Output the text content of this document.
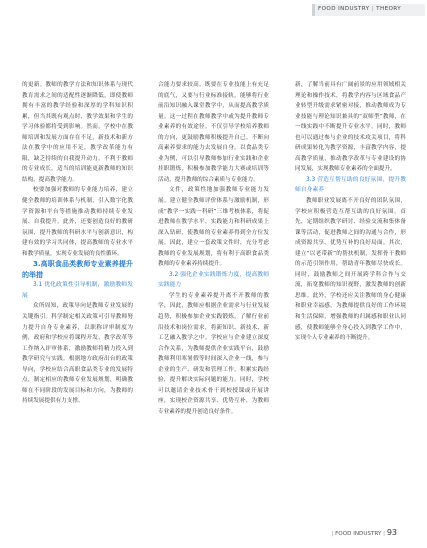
FOOD INDUSTRY | THEORY

的更新。教师的教学方法和知识体系与现代教育需求之间的适配性逐渐降低。即使教师拥有丰富的教学经验和深厚的学科知识积累，但当其既有观点时，教学效果和学生的学习体验都将受到影响。然而，学校中在教师培训和发展方面存在不足，新技术和新方法在教学中的应用不足，教学改革能力有限，缺乏持续的自我提升动力，不利于教师的专业成长。适当的培训能更新教师的知识结构，提高教学能力。

校要加强对教师的专业能力培养，建立健全教师的培训体系与机制，引入数字化教学资源和平台等措施推动教师持续专业发展、自我提升。此外，还要创造良好的教研氛围，提升教师的科研水平与创新意识，构建有效的学习共同体，提高教师的专业水平和教学质量，实现专业发展的良性循环。

3.高职食品类教师专业素养提升的举措

3.1 优化政策性引导机制，激励教师发展

众所周知，政策导向是教师专业发展的关键指引。科学制定相关政策可引导教师努力提升自身专业素养，以职称评审制度为例，政府和学校应将课程开发、教学改革等工作纳入评审体系，激励教师将精力投入到教学研究与实践。根据地方政府出台的政策导向，学校应结合高职食品类专业的发展特点，制定相应的教师专业发展规划，明确教师在不同阶段的发展目标和方向，为教师的持续发展提供有力支撑。

合能力要求较高。既要在专业技能上有充足的底气，又要与行业标准接轨，能够将行业前沿知识融入课堂教学中，从而提高教学质量。这一过程在教师教学中或为提升教师专业素养的有效途径。不仅引导学校培养教师的方向，更鼓励教师积极提升自己。不断向高素养要求的能力去发展自身，以食品类专业为例，可以引导教师参加行业实践和企业挂职锻炼，积极参加教学能力大赛或培训等活动，提升教师的综合素质与专业能力。

文件，政策性地加强教师专业能力发展。建立健全教师评价体系与激励机制，形成“教学一实践一科研”三维考核体系，将促进教师在教学水平、实践能力和科研成果上深入钻研，使教师的专业素养得到全方位发展。因此，建立一套政策文件时，充分考虑教师的专业发展规划，将有利于高职食品类教师的专业素养持续提升。

3.2 强化企业实践锻炼力度，提高教师实践能力

学生的专业素养提升离不开教师的教学，因此，教师应根据企业需求与行业发展趋势，积极参加企业实践锻炼，了解行业前沿技术和岗位需求，将新知识、新技术、新工艺融入教学之中。学校应与企业建立深度合作关系，为教师提供企业实践平台，鼓励教师利用寒暑假等时间深入企业一线，参与企业的生产、研发和管理工作，积累实践经验，提升解决实际问题的能力。同时，学校可以邀请企业技术骨干到校授课或开展讲座，实现校企资源共享、优势互补，为教师专业素养的提升创造良好条件。

新，了解当前具有广阔前景的应用领域相关理论和操作技术，将教学内容与区域食品产业转型升级需求紧密对接，推动教师成为专业技能与理论知识兼具的“双师型”教师，在一线实践中不断提升专业水平。同时，教师也可以通过参与企业的技术攻关项目，将科研成果转化为教学资源，丰富教学内容，提高教学质量，推动教学改革与专业建设的协同发展，实现教师专业素养的全面提升。

3.3 营造互帮互助的良好氛围，提升教师自身素养

教师职业发展离不开良好的团队氛围，学校应积极营造互帮互助的良好氛围。首先，定期组织教学研讨、经验交流和集体备课等活动，促进教师之间的沟通与合作，形成资源共享、优势互补的良好局面。其次，建立“以老带新”的帮扶机制，发挥骨干教师的示范引领作用，帮助青年教师尽快成长。同时，鼓励教师之间开展跨学科合作与交流，拓宽教师的知识视野，激发教师的创新思维。此外，学校还应关注教师的身心健康和职业幸福感，为教师提供良好的工作环境和生活保障，增强教师的归属感和职业认同感，使教师能够全身心投入到教学工作中，实现个人专业素养的不断提升。

| FOOD INDUSTRY | 93
